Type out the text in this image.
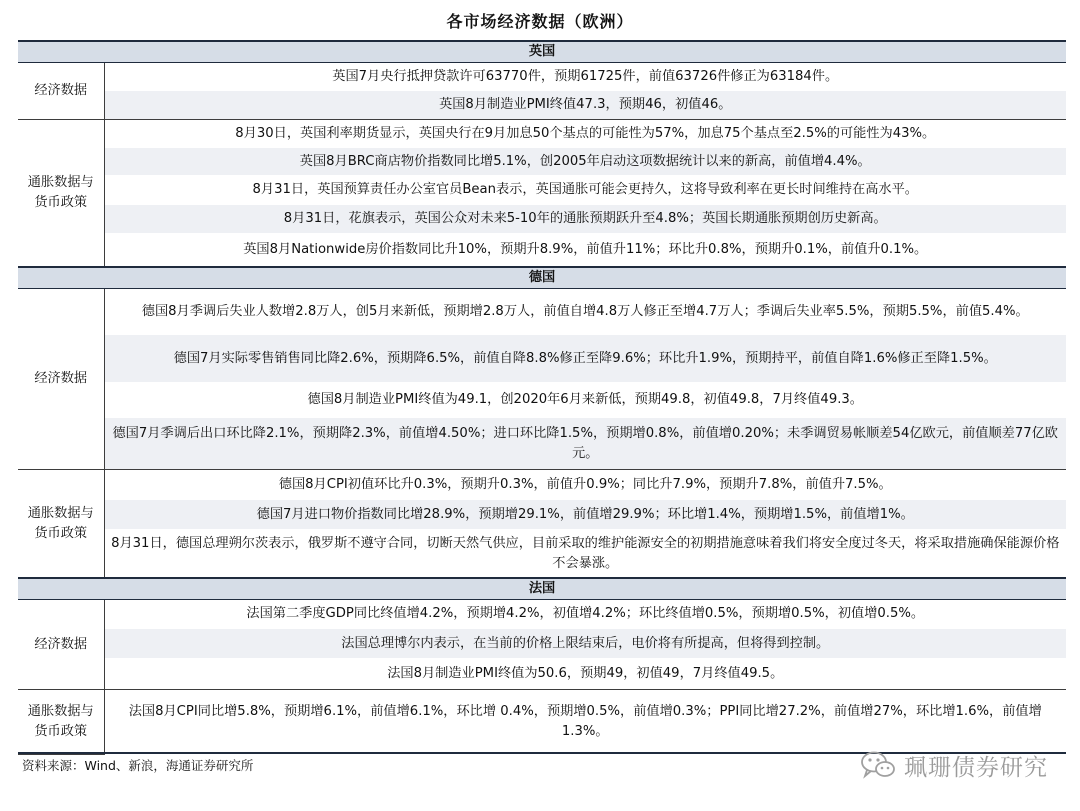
各市场经济数据（欧洲）
英国	
经济数据	英国7月央行抵押贷款许可63770件，预期61725件，前值63726件修正为63184件。
	英国8月制造业PMI终值47.3，预期46，初值46。
通胀数据与货币政策	8月30日，英国利率期货显示，英国央行在9月加息50个基点的可能性为57%，加息75个基点至2.5%的可能性为43%。
	英国8月BRC商店物价指数同比增5.1%，创2005年启动这项数据统计以来的新高，前值增4.4%。
	8月31日，英国预算责任办公室官员Bean表示，英国通胀可能会更持久，这将导致利率在更长时间维持在高水平。
	8月31日，花旗表示，英国公众对未来5-10年的通胀预期跃升至4.8%；英国长期通胀预期创历史新高。
	英国8月Nationwide房价指数同比升10%，预期升8.9%，前值升11%；环比升0.8%，预期升0.1%，前值升0.1%。
德国	
经济数据	德国8月季调后失业人数增2.8万人，创5月来新低，预期增2.8万人，前值自增4.8万人修正至增4.7万人；季调后失业率5.5%，预期5.5%，前值5.4%。
	德国7月实际零售销售同比降2.6%，预期降6.5%，前值自降8.8%修正至降9.6%；环比升1.9%，预期持平，前值自降1.6%修正至降1.5%。
	德国8月制造业PMI终值为49.1，创2020年6月来新低，预期49.8，初值49.8，7月终值49.3。
	德国7月季调后出口环比降2.1%，预期降2.3%，前值增4.50%；进口环比降1.5%，预期增0.8%，前值增0.20%；未季调贸易帐顺差54亿欧元，前值顺差77亿欧元。
通胀数据与货币政策	德国8月CPI初值环比升0.3%，预期升0.3%，前值升0.9%；同比升7.9%，预期升7.8%，前值升7.5%。
	德国7月进口物价指数同比增28.9%，预期增29.1%，前值增29.9%；环比增1.4%，预期增1.5%，前值增1%。
	8月31日，德国总理朔尔茨表示，俄罗斯不遵守合同，切断天然气供应，目前采取的维护能源安全的初期措施意味着我们将安全度过冬天，将采取措施确保能源价格不会暴涨。
法国	
经济数据	法国第二季度GDP同比终值增4.2%，预期增4.2%，初值增4.2%；环比终值增0.5%，预期增0.5%，初值增0.5%。
	法国总理博尔内表示，在当前的价格上限结束后，电价将有所提高，但将得到控制。
	法国8月制造业PMI终值为50.6，预期49，初值49，7月终值49.5。
通胀数据与货币政策	法国8月CPI同比增5.8%，预期增6.1%，前值增6.1%，环比增 0.4%，预期增0.5%，前值增0.3%；PPI同比增27.2%，前值增27%，环比增1.6%，前值增1.3%。
资料来源：Wind、新浪，海通证券研究所	珮珊债券研究
